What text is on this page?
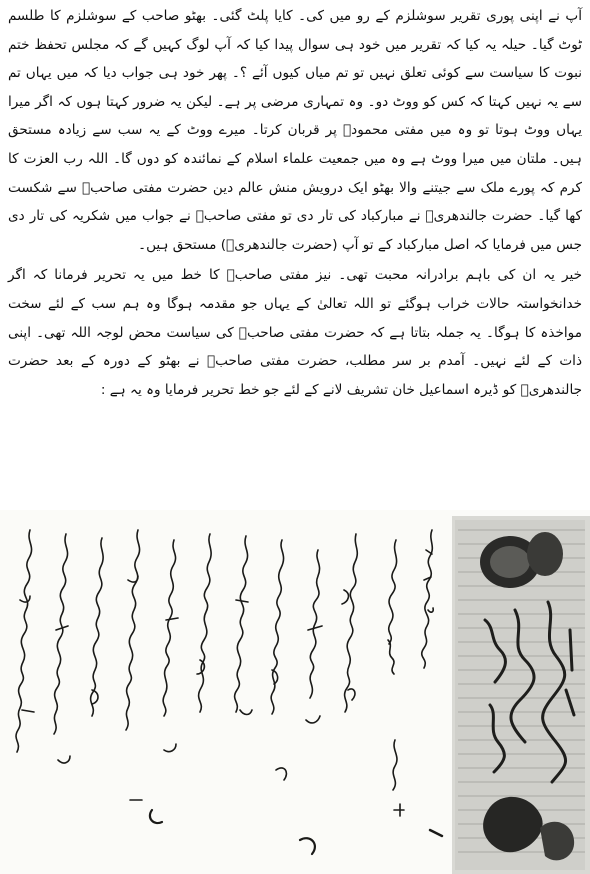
آپ نے اپنی پوری تقریر سوشلزم کے رو میں کی۔ کایا پلٹ گئی۔ بھٹو صاحب کے سوشلزم کا طلسم ٹوٹ گیا۔ حیلہ یہ کیا کہ تقریر میں خود ہی سوال پیدا کیا کہ آپ لوگ کہیں گے کہ مجلس تحفظ ختم نبوت کا سیاست سے کوئی تعلق نہیں تو تم میاں کیوں آئے ؟۔ پھر خود ہی جواب دیا کہ میں یہاں تم سے یہ نہیں کہتا کہ کس کو ووٹ دو۔ وہ تمہاری مرضی پر ہے۔ لیکن یہ ضرور کہتا ہوں کہ اگر میرا یہاں ووٹ ہوتا تو وہ میں مفتی محمودؒ پر قربان کرتا۔ میرے ووٹ کے یہ سب سے زیادہ مستحق ہیں۔ ملتان میں میرا ووٹ ہے وہ میں جمعیت علماء اسلام کے نمائندہ کو دوں گا۔ اللہ رب العزت کا کرم کہ پورے ملک سے جیتنے والا بھٹو ایک درویش منش عالم دین حضرت مفتی صاحبؒ سے شکست کھا گیا۔ حضرت جالندھریؒ نے مبارکباد کی تار دی تو مفتی صاحبؒ نے جواب میں شکریہ کی تار دی جس میں فرمایا کہ اصل مبارکباد کے تو آپ (حضرت جالندھریؒ) مستحق ہیں۔

خیر یہ ان کی باہم برادرانہ محبت تھی۔ نیز مفتی صاحبؒ کا خط میں یہ تحریر فرمانا کہ اگر خدانخواستہ حالات خراب ہوگئے تو اللہ تعالیٰ کے یہاں جو مقدمہ ہوگا وہ ہم سب کے لئے سخت مواخذہ کا ہوگا۔ یہ جملہ بتاتا ہے کہ حضرت مفتی صاحبؒ کی سیاست محض لوجہ اللہ تھی۔ اپنی ذات کے لئے نہیں۔ آمدم بر سر مطلب، حضرت مفتی صاحبؒ نے بھٹو کے دورہ کے بعد حضرت جالندھریؒ کو ڈیرہ اسماعیل خان تشریف لانے کے لئے جو خط تحریر فرمایا وہ یہ ہے :
